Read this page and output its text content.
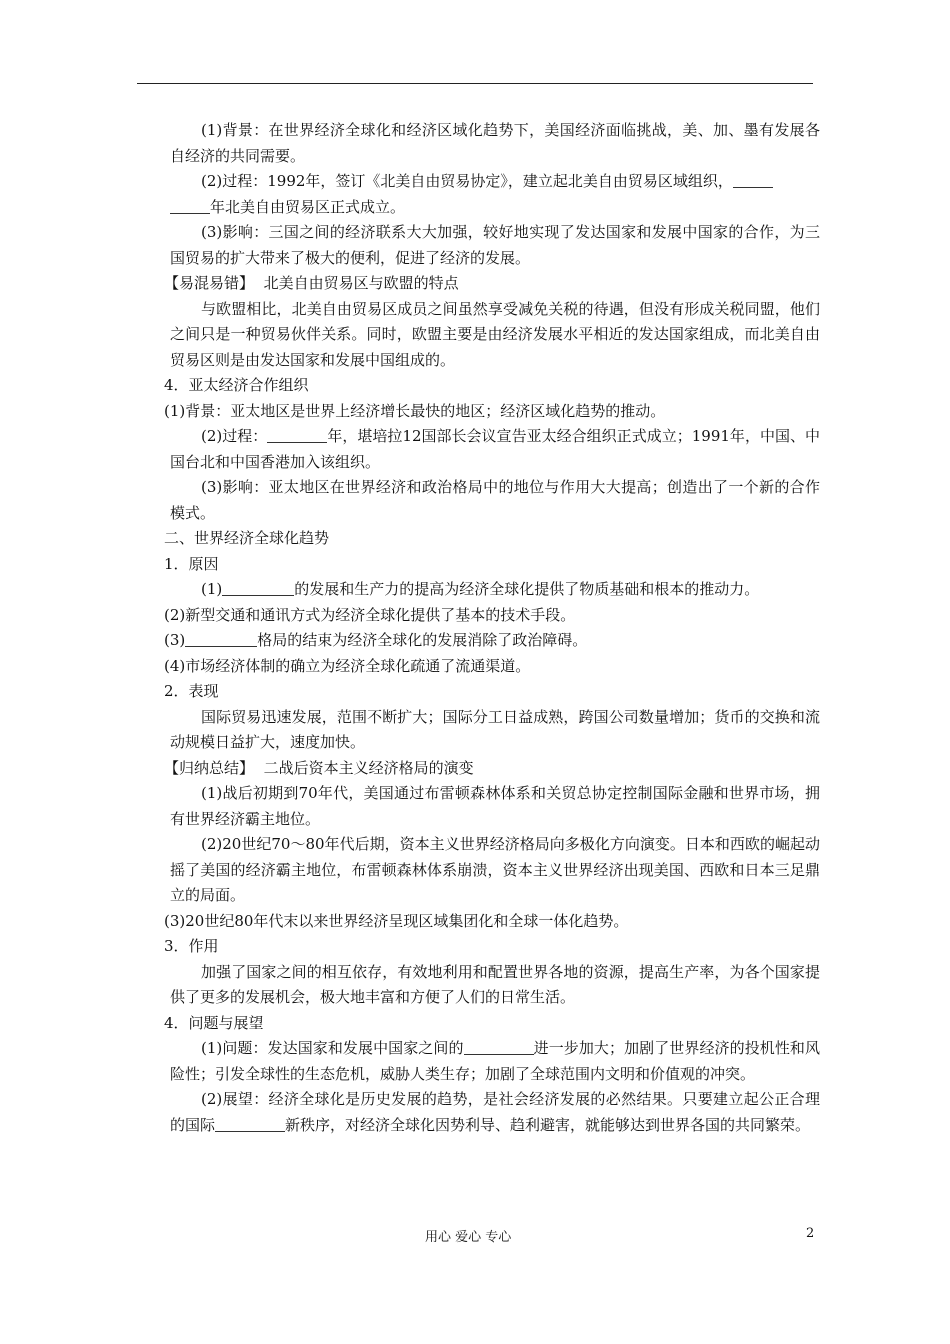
(1)背景：在世界经济全球化和经济区域化趋势下，美国经济面临挑战，美、加、墨有发展各自经济的共同需要。

(2)过程：1992年，签订《北美自由贸易协定》，建立起北美自由贸易区域组织，
年北美自由贸易区正式成立。

(3)影响：三国之间的经济联系大大加强，较好地实现了发达国家和发展中国家的合作，为三国贸易的扩大带来了极大的便利，促进了经济的发展。

【易混易错】 北美自由贸易区与欧盟的特点

与欧盟相比，北美自由贸易区成员之间虽然享受减免关税的待遇，但没有形成关税同盟，他们之间只是一种贸易伙伴关系。同时，欧盟主要是由经济发展水平相近的发达国家组成，而北美自由贸易区则是由发达国家和发展中国组成的。

4．亚太经济合作组织

(1)背景：亚太地区是世界上经济增长最快的地区；经济区域化趋势的推动。

(2)过程：	年，堪培拉12国部长会议宣告亚太经合组织正式成立；1991年，中国、中国台北和中国香港加入该组织。

(3)影响：亚太地区在世界经济和政治格局中的地位与作用大大提高；创造出了一个新的合作模式。

二、世界经济全球化趋势

1．原因

(1)	的发展和生产力的提高为经济全球化提供了物质基础和根本的推动力。

(2)新型交通和通讯方式为经济全球化提供了基本的技术手段。

(3)	格局的结束为经济全球化的发展消除了政治障碍。

(4)市场经济体制的确立为经济全球化疏通了流通渠道。

2．表现

国际贸易迅速发展，范围不断扩大；国际分工日益成熟，跨国公司数量增加；货币的交换和流动规模日益扩大，速度加快。

【归纳总结】 二战后资本主义经济格局的演变

(1)战后初期到70年代，美国通过布雷顿森林体系和关贸总协定控制国际金融和世界市场，拥有世界经济霸主地位。

(2)20世纪70～80年代后期，资本主义世界经济格局向多极化方向演变。日本和西欧的崛起动摇了美国的经济霸主地位，布雷顿森林体系崩溃，资本主义世界经济出现美国、西欧和日本三足鼎立的局面。

(3)20世纪80年代末以来世界经济呈现区域集团化和全球一体化趋势。

3．作用

加强了国家之间的相互依存，有效地利用和配置世界各地的资源，提高生产率，为各个国家提供了更多的发展机会，极大地丰富和方便了人们的日常生活。

4．问题与展望

(1)问题：发达国家和发展中国家之间的	进一步加大；加剧了世界经济的投机性和风险性；引发全球性的生态危机，威胁人类生存；加剧了全球范围内文明和价值观的冲突。

(2)展望：经济全球化是历史发展的趋势，是社会经济发展的必然结果。只要建立起公正合理的国际	新秩序，对经济全球化因势利导、趋利避害，就能够达到世界各国的共同繁荣。

用心 爱心 专心	2
